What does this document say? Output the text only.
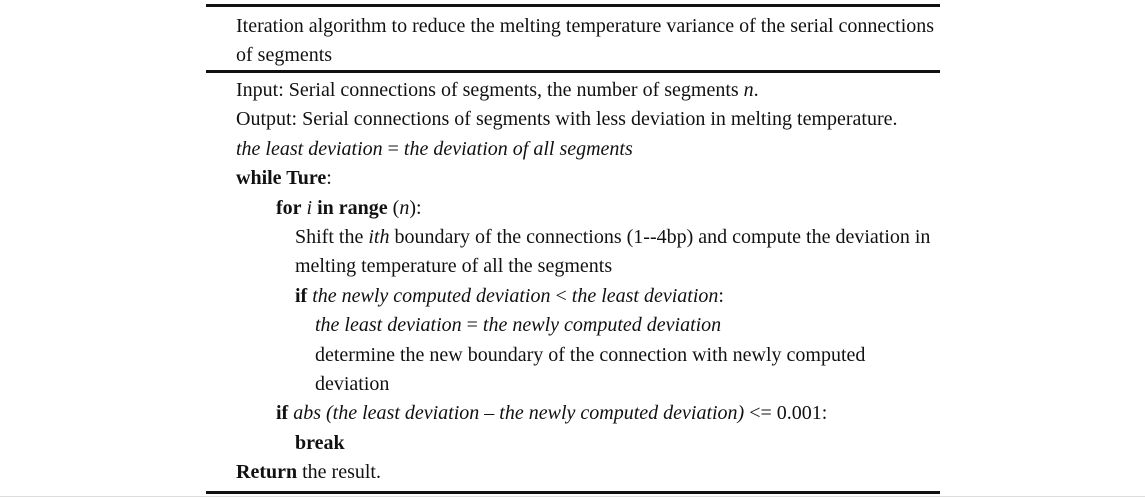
Iteration algorithm to reduce the melting temperature variance of the serial connections
of segments
Input: Serial connections of segments, the number of segments n.
Output: Serial connections of segments with less deviation in melting temperature.
the least deviation = the deviation of all segments
while Ture:
for i in range (n):
Shift the ith boundary of the connections (1--4bp) and compute the deviation in
melting temperature of all the segments
if the newly computed deviation < the least deviation:
the least deviation = the newly computed deviation
determine the new boundary of the connection with newly computed
deviation
if abs (the least deviation – the newly computed deviation) <= 0.001:
break
Return the result.
